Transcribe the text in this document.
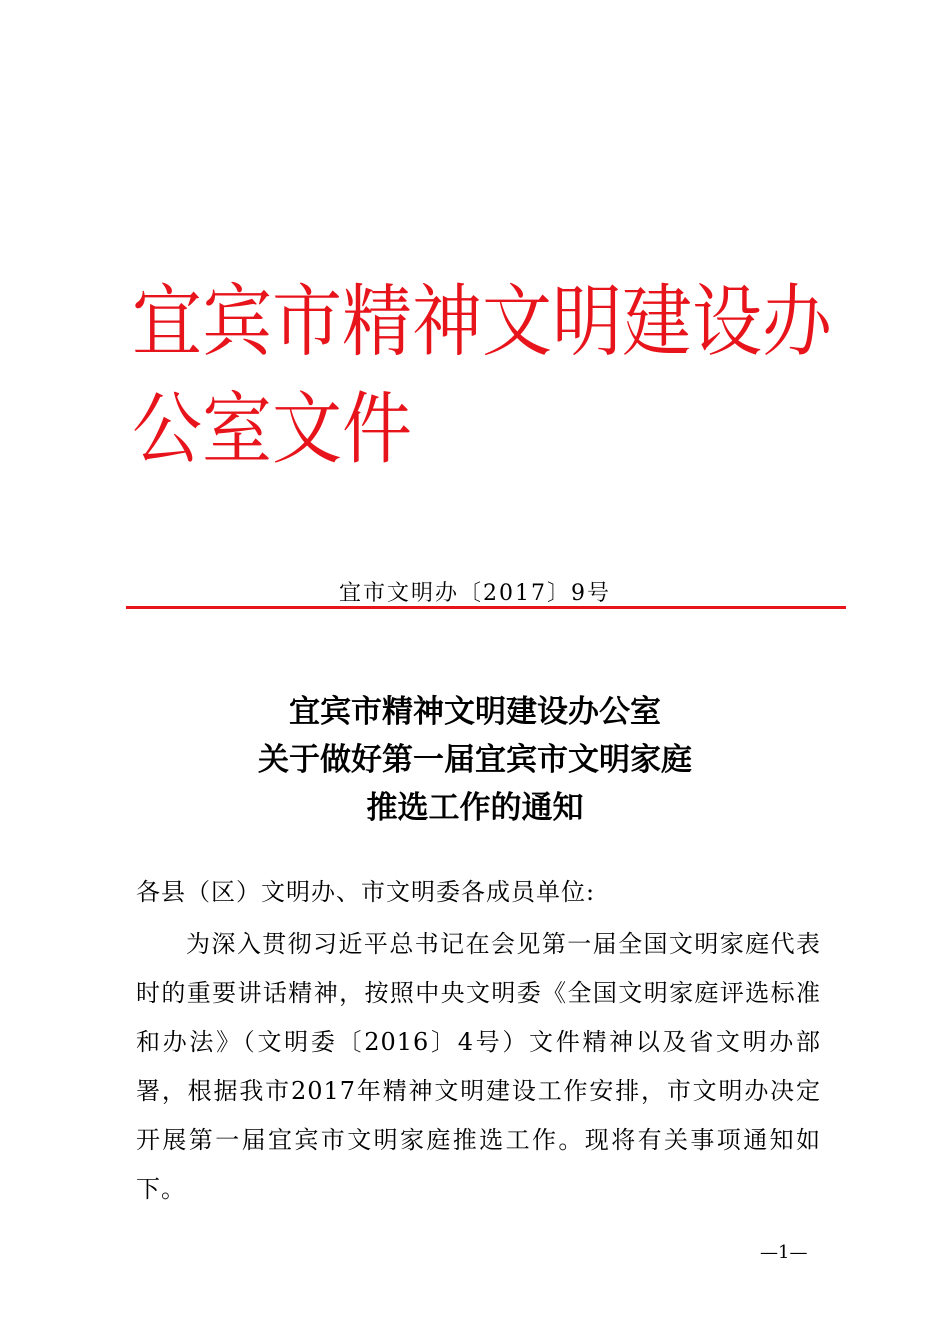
宜宾市精神文明建设办公室文件
宜市文明办〔2017〕9号
宜宾市精神文明建设办公室
关于做好第一届宜宾市文明家庭
推选工作的通知
各县（区）文明办、市文明委各成员单位:
为深入贯彻习近平总书记在会见第一届全国文明家庭代表时的重要讲话精神，按照中央文明委《全国文明家庭评选标准和办法》（文明委〔2016〕4号）文件精神以及省文明办部署，根据我市2017年精神文明建设工作安排，市文明办决定开展第一届宜宾市文明家庭推选工作。现将有关事项通知如下。
—1—
